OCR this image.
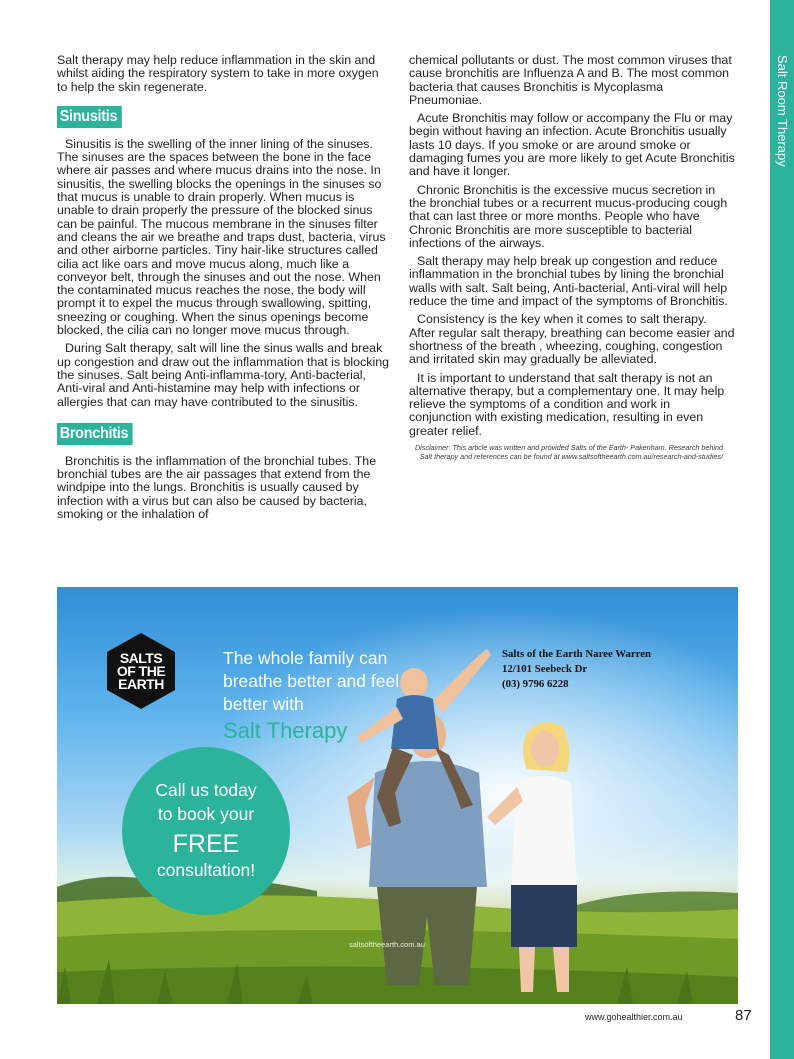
Salt Room Therapy

Salt therapy may help reduce inflammation in the skin and whilst aiding the respiratory system to take in more oxygen to help the skin regenerate.

Sinusitis

Sinusitis is the swelling of the inner lining of the sinuses. The sinuses are the spaces between the bone in the face where air passes and where mucus drains into the nose. In sinusitis, the swelling blocks the openings in the sinuses so that mucus is unable to drain properly. When mucus is unable to drain properly the pressure of the blocked sinus can be painful. The mucous membrane in the sinuses filter and cleans the air we breathe and traps dust, bacteria, virus and other airborne particles. Tiny hair-like structures called cilia act like oars and move mucus along, much like a conveyor belt, through the sinuses and out the nose. When the contaminated mucus reaches the nose, the body will prompt it to expel the mucus through swallowing, spitting, sneezing or coughing. When the sinus openings become blocked, the cilia can no longer move mucus through.

During Salt therapy, salt will line the sinus walls and break up congestion and draw out the inflammation that is blocking the sinuses. Salt being Anti-inflamma-tory, Anti-bacterial, Anti-viral and Anti-histamine may help with infections or allergies that can may have contributed to the sinusitis.

Bronchitis

Bronchitis is the inflammation of the bronchial tubes. The bronchial tubes are the air passages that extend from the windpipe into the lungs. Bronchitis is usually caused by infection with a virus but can also be caused by bacteria, smoking or the inhalation of

chemical pollutants or dust. The most common viruses that cause bronchitis are Influenza A and B. The most common bacteria that causes Bronchitis is Mycoplasma Pneumoniae.

Acute Bronchitis may follow or accompany the Flu or may begin without having an infection. Acute Bronchitis usually lasts 10 days. If you smoke or are around smoke or damaging fumes you are more likely to get Acute Bronchitis and have it longer.

Chronic Bronchitis is the excessive mucus secretion in the bronchial tubes or a recurrent mucus-producing cough that can last three or more months. People who have Chronic Bronchitis are more susceptible to bacterial infections of the airways.

Salt therapy may help break up congestion and reduce inflammation in the bronchial tubes by lining the bronchial walls with salt. Salt being, Anti-bacterial, Anti-viral will help reduce the time and impact of the symptoms of Bronchitis.

Consistency is the key when it comes to salt therapy. After regular salt therapy, breathing can become easier and shortness of the breath , wheezing, coughing, congestion and irritated skin may gradually be alleviated.

It is important to understand that salt therapy is not an alternative therapy, but a complementary one. It may help relieve the symptoms of a condition and work in conjunction with existing medication, resulting in even greater relief.

Disclaimer: This article was written and provided Salts of the Earth- Pakenham. Research behind Salt therapy and references can be found at www.saltsoftheearth.com.au/research-and-studies/

SALTS
OF THE
EARTH
The whole family can breathe better and feel better with
Salt Therapy
Call us today
to book your
FREE
consultation!
Salts of the Earth Naree Warren
12/101 Seebeck Dr
(03) 9796 6228
saltsoftheearth.com.au
www.gohealthier.com.au	87
